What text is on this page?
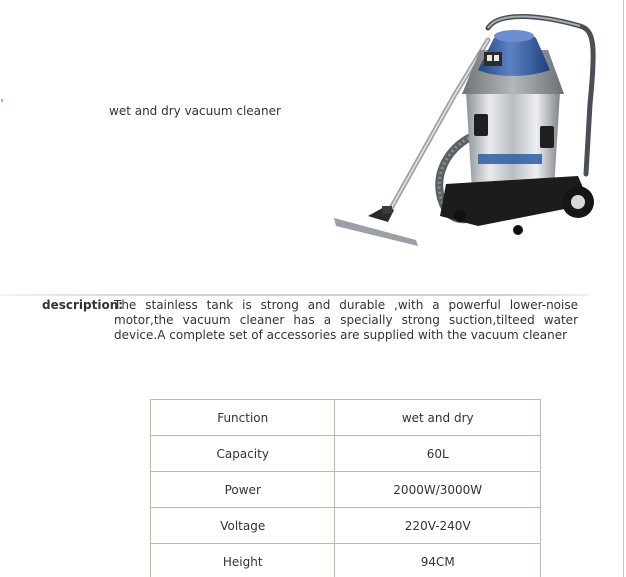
wet and dry vacuum cleaner
description:
The stainless tank is strong and durable ,with a powerful lower-noise motor,the vacuum cleaner has a specially strong suction,tilteed water device.A complete set of accessories are supplied with the vacuum cleaner
Function	wet and dry
Capacity	60L
Power	2000W/3000W
Voltage	220V-240V
Height	94CM
